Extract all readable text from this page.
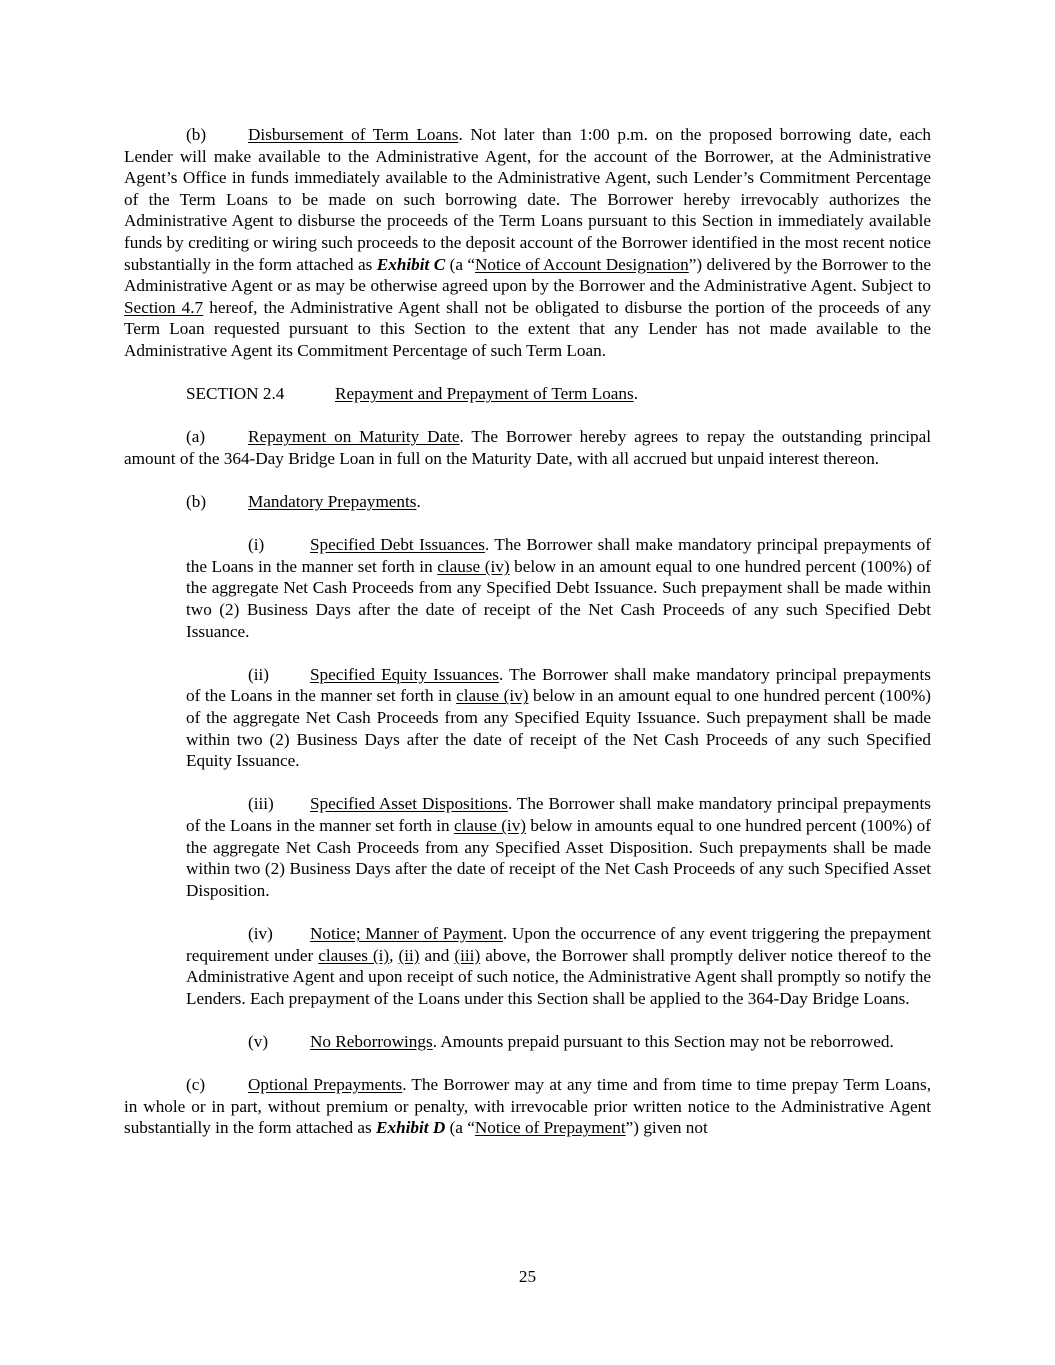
(b) Disbursement of Term Loans. Not later than 1:00 p.m. on the proposed borrowing date, each Lender will make available to the Administrative Agent, for the account of the Borrower, at the Administrative Agent’s Office in funds immediately available to the Administrative Agent, such Lender’s Commitment Percentage of the Term Loans to be made on such borrowing date. The Borrower hereby irrevocably authorizes the Administrative Agent to disburse the proceeds of the Term Loans pursuant to this Section in immediately available funds by crediting or wiring such proceeds to the deposit account of the Borrower identified in the most recent notice substantially in the form attached as Exhibit C (a “Notice of Account Designation”) delivered by the Borrower to the Administrative Agent or as may be otherwise agreed upon by the Borrower and the Administrative Agent. Subject to Section 4.7 hereof, the Administrative Agent shall not be obligated to disburse the portion of the proceeds of any Term Loan requested pursuant to this Section to the extent that any Lender has not made available to the Administrative Agent its Commitment Percentage of such Term Loan.

SECTION 2.4	Repayment and Prepayment of Term Loans.

(a) Repayment on Maturity Date. The Borrower hereby agrees to repay the outstanding principal amount of the 364-Day Bridge Loan in full on the Maturity Date, with all accrued but unpaid interest thereon.

(b) Mandatory Prepayments.

(i)	Specified Debt Issuances. The Borrower shall make mandatory principal prepayments of the Loans in the manner set forth in clause (iv) below in an amount equal to one hundred percent (100%) of the aggregate Net Cash Proceeds from any Specified Debt Issuance. Such prepayment shall be made within two (2) Business Days after the date of receipt of the Net Cash Proceeds of any such Specified Debt Issuance.

(ii) Specified Equity Issuances. The Borrower shall make mandatory principal prepayments of the Loans in the manner set forth in clause (iv) below in an amount equal to one hundred percent (100%) of the aggregate Net Cash Proceeds from any Specified Equity Issuance. Such prepayment shall be made within two (2) Business Days after the date of receipt of the Net Cash Proceeds of any such Specified Equity Issuance.

(iii) Specified Asset Dispositions. The Borrower shall make mandatory principal prepayments of the Loans in the manner set forth in clause (iv) below in amounts equal to one hundred percent (100%) of the aggregate Net Cash Proceeds from any Specified Asset Disposition. Such prepayments shall be made within two (2) Business Days after the date of receipt of the Net Cash Proceeds of any such Specified Asset Disposition.

(iv) Notice; Manner of Payment. Upon the occurrence of any event triggering the prepayment requirement under clauses (i), (ii) and (iii) above, the Borrower shall promptly deliver notice thereof to the Administrative Agent and upon receipt of such notice, the Administrative Agent shall promptly so notify the Lenders. Each prepayment of the Loans under this Section shall be applied to the 364-Day Bridge Loans.

(v) No Reborrowings. Amounts prepaid pursuant to this Section may not be reborrowed.

(c) Optional Prepayments. The Borrower may at any time and from time to time prepay Term Loans, in whole or in part, without premium or penalty, with irrevocable prior written notice to the Administrative Agent substantially in the form attached as Exhibit D (a “Notice of Prepayment”) given not

25
